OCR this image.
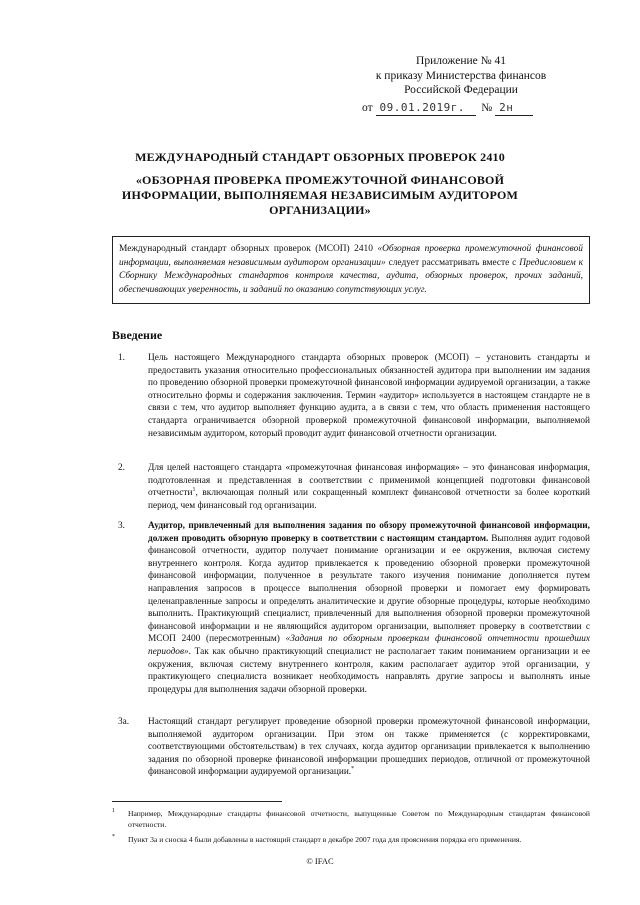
Приложение № 41
к приказу Министерства финансов
Российской Федерации
от 09.01.2019г. № 2н
МЕЖДУНАРОДНЫЙ СТАНДАРТ ОБЗОРНЫХ ПРОВЕРОК 2410
«ОБЗОРНАЯ ПРОВЕРКА ПРОМЕЖУТОЧНОЙ ФИНАНСОВОЙ ИНФОРМАЦИИ, ВЫПОЛНЯЕМАЯ НЕЗАВИСИМЫМ АУДИТОРОМ ОРГАНИЗАЦИИ»
Международный стандарт обзорных проверок (МСОП) 2410 «Обзорная проверка промежуточной финансовой информации, выполняемая независимым аудитором организации» следует рассматривать вместе с Предисловием к Сборнику Международных стандартов контроля качества, аудита, обзорных проверок, прочих заданий, обеспечивающих уверенность, и заданий по оказанию сопутствующих услуг.
Введение
1. Цель настоящего Международного стандарта обзорных проверок (МСОП) – установить стандарты и предоставить указания относительно профессиональных обязанностей аудитора при выполнении им задания по проведению обзорной проверки промежуточной финансовой информации аудируемой организации, а также относительно формы и содержания заключения. Термин «аудитор» используется в настоящем стандарте не в связи с тем, что аудитор выполняет функцию аудита, а в связи с тем, что область применения настоящего стандарта ограничивается обзорной проверкой промежуточной финансовой информации, выполняемой независимым аудитором, который проводит аудит финансовой отчетности организации.
2. Для целей настоящего стандарта «промежуточная финансовая информация» – это финансовая информация, подготовленная и представленная в соответствии с применимой концепцией подготовки финансовой отчетности$^1$, включающая полный или сокращенный комплект финансовой отчетности за более короткий период, чем финансовый год организации.
3. Аудитор, привлеченный для выполнения задания по обзору промежуточной финансовой информации, должен проводить обзорную проверку в соответствии с настоящим стандартом. Выполняя аудит годовой финансовой отчетности, аудитор получает понимание организации и ее окружения, включая систему внутреннего контроля. Когда аудитор привлекается к проведению обзорной проверки промежуточной финансовой информации, полученное в результате такого изучения понимание дополняется путем направления запросов в процессе выполнения обзорной проверки и помогает ему формировать целенаправленные запросы и определять аналитические и другие обзорные процедуры, которые необходимо выполнить. Практикующий специалист, привлеченный для выполнения обзорной проверки промежуточной финансовой информации и не являющийся аудитором организации, выполняет проверку в соответствии с МСОП 2400 (пересмотренным) «Задания по обзорным проверкам финансовой отчетности прошедших периодов». Так как обычно практикующий специалист не располагает таким пониманием организации и ее окружения, включая систему внутреннего контроля, каким располагает аудитор этой организации, у практикующего специалиста возникает необходимость направлять другие запросы и выполнять иные процедуры для выполнения задачи обзорной проверки.
3а. Настоящий стандарт регулирует проведение обзорной проверки промежуточной финансовой информации, выполняемой аудитором организации. При этом он также применяется (с корректировками, соответствующими обстоятельствам) в тех случаях, когда аудитор организации привлекается к выполнению задания по обзорной проверке финансовой информации прошедших периодов, отличной от промежуточной финансовой информации аудируемой организации.*
1 Например, Международные стандарты финансовой отчетности, выпущенные Советом по Международным стандартам финансовой отчетности.
* Пункт 3а и сноска 4 были добавлены в настоящий стандарт в декабре 2007 года для прояснения порядка его применения.
© IFAC
